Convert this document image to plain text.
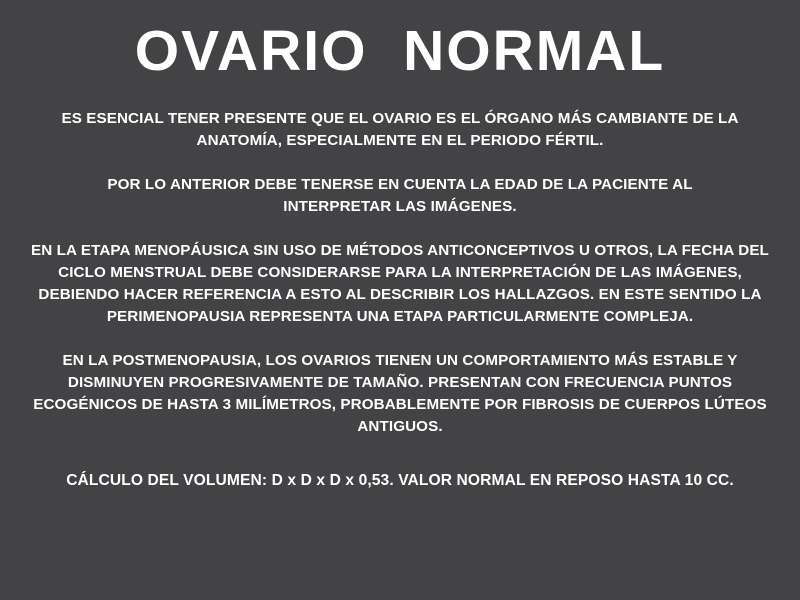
OVARIO  NORMAL

ES ESENCIAL TENER PRESENTE QUE EL OVARIO ES EL ÓRGANO MÁS CAMBIANTE DE LA ANATOMÍA, ESPECIALMENTE EN EL PERIODO FÉRTIL.

POR LO ANTERIOR DEBE TENERSE EN CUENTA LA EDAD DE LA PACIENTE AL INTERPRETAR LAS IMÁGENES.

EN LA ETAPA MENOPÁUSICA SIN USO DE MÉTODOS ANTICONCEPTIVOS U OTROS, LA FECHA DEL CICLO MENSTRUAL DEBE CONSIDERARSE PARA LA INTERPRETACIÓN DE LAS IMÁGENES, DEBIENDO HACER REFERENCIA A ESTO AL DESCRIBIR LOS HALLAZGOS. EN ESTE SENTIDO LA PERIMENOPAUSIA REPRESENTA UNA ETAPA PARTICULARMENTE COMPLEJA.

EN LA POSTMENOPAUSIA, LOS OVARIOS TIENEN UN COMPORTAMIENTO MÁS ESTABLE Y DISMINUYEN PROGRESIVAMENTE DE TAMAÑO. PRESENTAN CON FRECUENCIA PUNTOS ECOGÉNICOS DE HASTA 3 MILÍMETROS, PROBABLEMENTE POR FIBROSIS DE CUERPOS LÚTEOS ANTIGUOS.

CÁLCULO DEL VOLUMEN: D x D x D x 0,53. VALOR NORMAL EN REPOSO HASTA 10 CC.
